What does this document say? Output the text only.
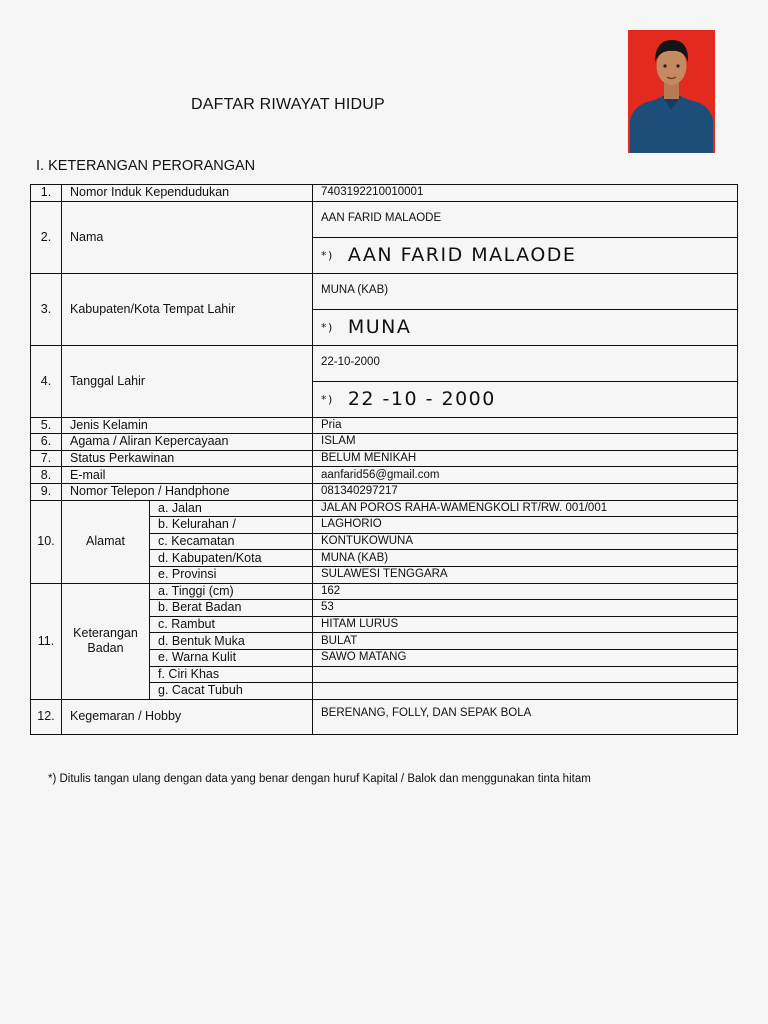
DAFTAR RIWAYAT HIDUP
I. KETERANGAN PERORANGAN
1.	Nomor Induk Kependudukan		7403192210010001
2.	Nama		AAN FARID MALAODE
			*) AAN FARID MALAODE
3.	Kabupaten/Kota Tempat Lahir		MUNA (KAB)
			*) MUNA
4.	Tanggal Lahir		22-10-2000
			*) 22 -10 - 2000
5.	Jenis Kelamin		Pria
6.	Agama / Aliran Kepercayaan		ISLAM
7.	Status Perkawinan		BELUM MENIKAH
8.	E-mail		aanfarid56@gmail.com
9.	Nomor Telepon / Handphone		081340297217
10.	Alamat	a. Jalan	JALAN POROS RAHA-WAMENGKOLI RT/RW. 001/001
		b. Kelurahan /	LAGHORIO
		c. Kecamatan	KONTUKOWUNA
		d. Kabupaten/Kota	MUNA (KAB)
		e. Provinsi	SULAWESI TENGGARA
11.	Keterangan Badan	a. Tinggi (cm)	162
		b. Berat Badan	53
		c. Rambut	HITAM LURUS
		d. Bentuk Muka	BULAT
		e. Warna Kulit	SAWO MATANG
		f. Ciri Khas	
		g. Cacat Tubuh	
12.	Kegemaran / Hobby		BERENANG, FOLLY, DAN SEPAK BOLA
*) Ditulis tangan ulang dengan data yang benar dengan huruf Kapital / Balok dan menggunakan tinta hitam
